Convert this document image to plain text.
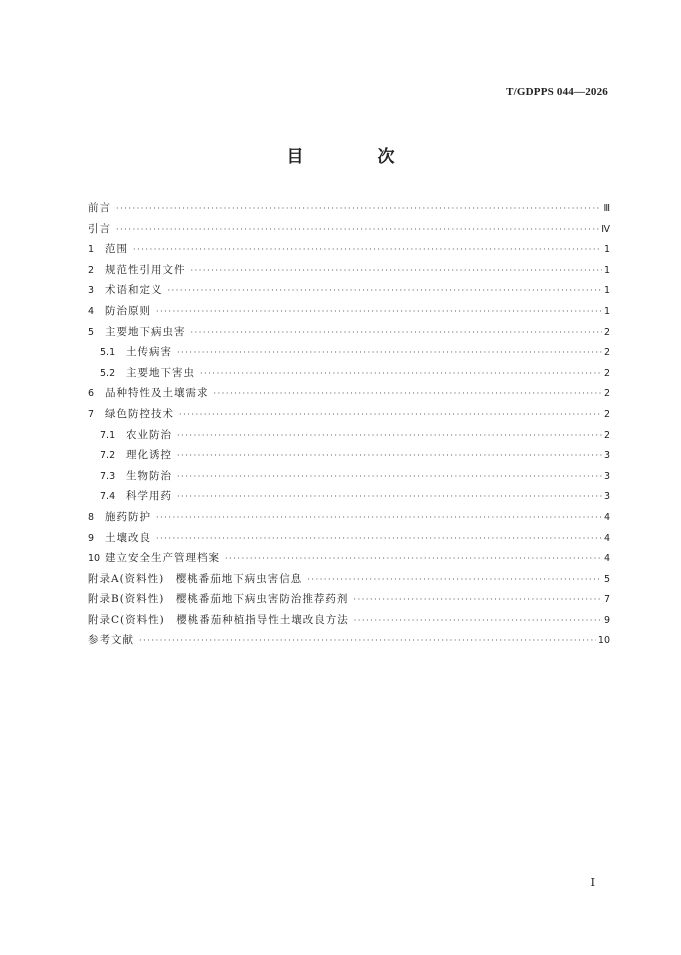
T/GDPPS 044—2026
目 次
前言 ·····	Ⅲ
引言 ·····	Ⅳ
1	范围 ·····	1
2	规范性引用文件 ·····	1
3	术语和定义 ·····	1
4	防治原则 ·····	1
5	主要地下病虫害 ·····	2
5.1	土传病害 ·····	2
5.2	主要地下害虫 ·····	2
6	品种特性及土壤需求 ·····	2
7	绿色防控技术 ·····	2
7.1	农业防治 ·····	2
7.2	理化诱控 ·····	3
7.3	生物防治 ·····	3
7.4	科学用药 ·····	3
8	施药防护 ·····	4
9	土壤改良 ·····	4
10 建立安全生产管理档案 ·····	4
附录A(资料性)　樱桃番茄地下病虫害信息 ·····	5
附录B(资料性)　樱桃番茄地下病虫害防治推荐药剂 ·····	7
附录C(资料性)　樱桃番茄种植指导性土壤改良方法 ·····	9
参考文献 ·····	10
Ⅰ
